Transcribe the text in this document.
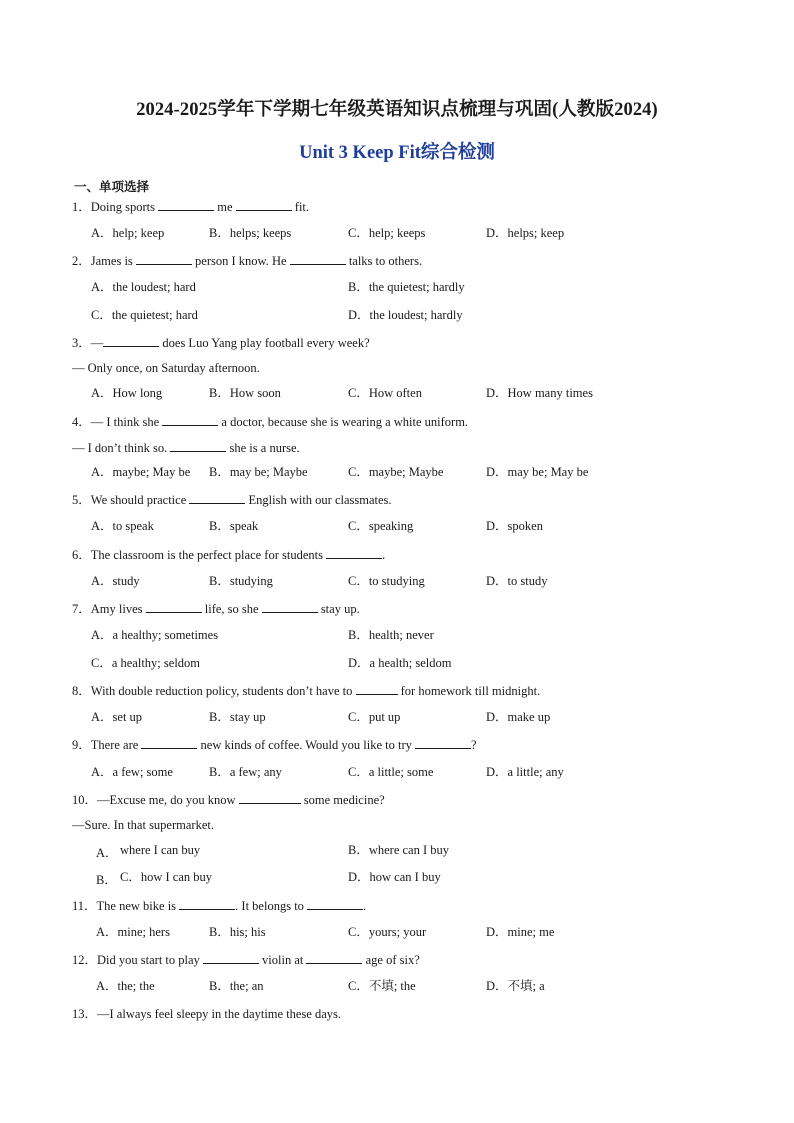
2024-2025学年下学期七年级英语知识点梳理与巩固(人教版2024)
Unit 3 Keep Fit综合检测
一、单项选择
1．Doing sports	me	fit.
A．help; keep	B．helps; keeps	C．help; keeps	D．helps; keep
2．James is	person I know. He	talks to others.
A．the loudest; hard	B．the quietest; hardly
C．the quietest; hard	D．the loudest; hardly
3．—	does Luo Yang play football every week?
— Only once, on Saturday afternoon.
A．How long	B．How soon	C．How often	D．How many times
4．— I think she	a doctor, because she is wearing a white uniform.
— I don’t think so.	she is a nurse.
A．maybe; May be B．may be; Maybe	C．maybe; Maybe	D．may be; May be
5．We should practice	English with our classmates.
A．to speak	B．speak	C．speaking	D．spoken
6．The classroom is the perfect place for students	.
A．study	B．studying	C．to studying	D．to study
7．Amy lives	life, so she	stay up.
A．a healthy; sometimes	B．health; never
C．a healthy; seldom	D．a health; seldom
8．With double reduction policy, students don’t have to	for homework till midnight.
A．set up	B．stay up	C．put up	D．make up
9．There are	new kinds of coffee. Would you like to try	?
A．a few; some	B．a few; any	C．a little; some	D．a little; any
10．—Excuse me, do you know	some medicine?
—Sure. In that supermarket.
A． where I can buy	B．where can I buy
B． C．how I can buy	D．how can I buy
11．The new bike is	. It belongs to	.
A．mine; hers	B．his; his	C．yours; your	D．mine; me
12．Did you start to play	violin at	age of six?
A．the; the	B．the; an	C．不填; the	D．不填; a
13．—I always feel sleepy in the daytime these days.
